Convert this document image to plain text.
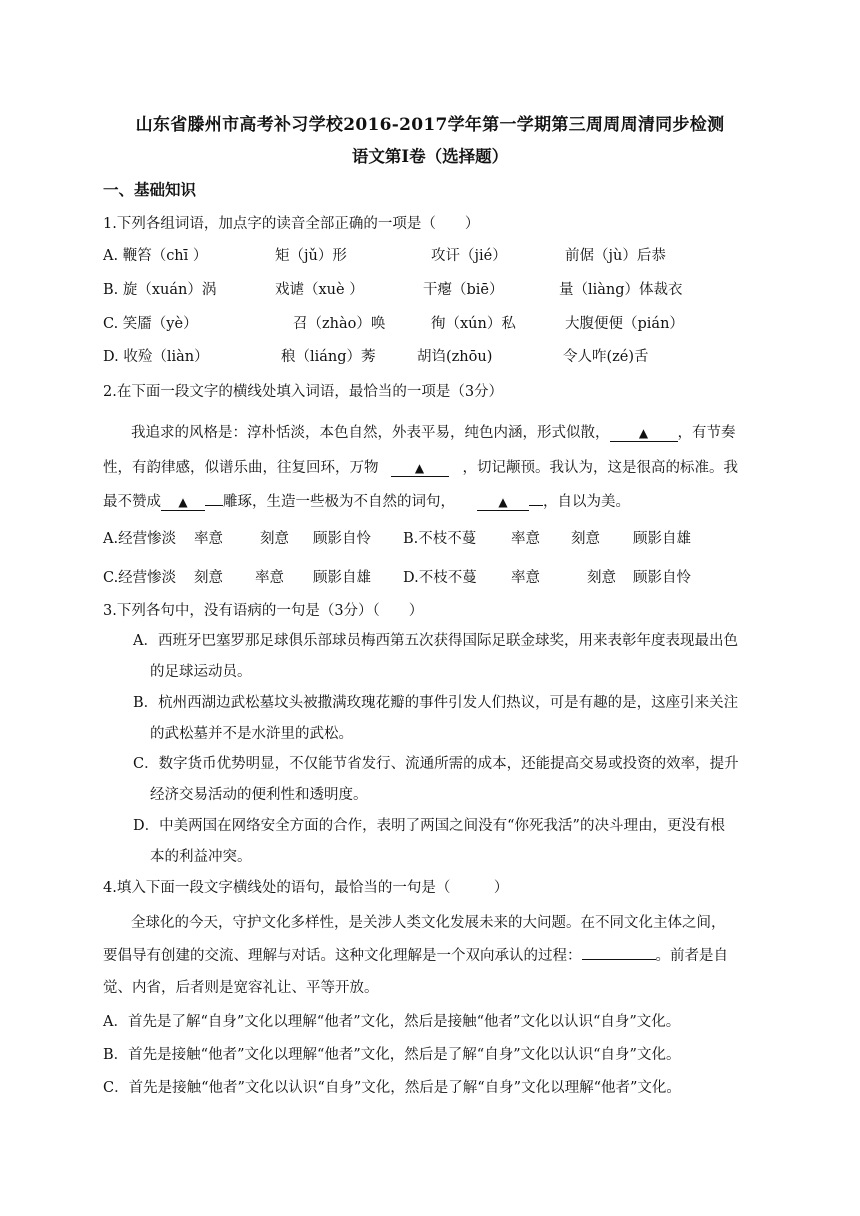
山东省滕州市高考补习学校2016-2017学年第一学期第三周周周清同步检测
语文第Ⅰ卷（选择题）
一、基础知识
1.下列各组词语，加点字的读音全部正确的一项是（　　）
A. 鞭笞（chī ）	矩（jǔ）形	攻讦（jié）	前倨（jù）后恭
B. 旋（xuán）涡	戏谑（xuè ）	干瘪（biē）	量（liàng）体裁衣
C. 笑靥（yè）	召（zhào）唤	徇（xún）私	大腹便便（pián）
D. 收殓（liàn）	稂（liáng）莠	胡诌(zhōu)	令人咋(zé)舌
2.在下面一段文字的横线处填入词语，最恰当的一项是（3分）
我追求的风格是：淳朴恬淡，本色自然，外表平易，纯色内涵，形式似散， ▲ ，有节奏
性，有韵律感，似谱乐曲，往复回环，万物	▲	，切记颟顸。我认为，这是很高的标准。我
最不赞成 ▲ 雕琢，生造一些极为不自然的词句，	▲ ，自以为美。
A.经营惨淡 率意	刻意 顾影自怜 B.不枝不蔓 率意 刻意 顾影自雄
C.经营惨淡 刻意 率意 顾影自雄 D.不枝不蔓 率意	刻意 顾影自怜
3.下列各句中，没有语病的一句是（3分）（　　）
A．西班牙巴塞罗那足球俱乐部球员梅西第五次获得国际足联金球奖，用来表彰年度表现最出色
的足球运动员。
B．杭州西湖边武松墓坟头被撒满玫瑰花瓣的事件引发人们热议，可是有趣的是，这座引来关注
的武松墓并不是水浒里的武松。
C．数字货币优势明显，不仅能节省发行、流通所需的成本，还能提高交易或投资的效率，提升
经济交易活动的便利性和透明度。
D．中美两国在网络安全方面的合作，表明了两国之间没有“你死我活”的决斗理由，更没有根
本的利益冲突。
4.填入下面一段文字横线处的语句，最恰当的一句是（　　　）
全球化的今天，守护文化多样性，是关涉人类文化发展未来的大问题。在不同文化主体之间，
要倡导有创建的交流、理解与对话。这种文化理解是一个双向承认的过程：	。前者是自
觉、内省，后者则是宽容礼让、平等开放。
A．首先是了解“自身”文化以理解“他者”文化，然后是接触“他者”文化以认识“自身”文化。
B．首先是接触“他者”文化以理解“他者”文化，然后是了解“自身”文化以认识“自身”文化。
C．首先是接触“他者”文化以认识“自身”文化，然后是了解“自身”文化以理解“他者”文化。
